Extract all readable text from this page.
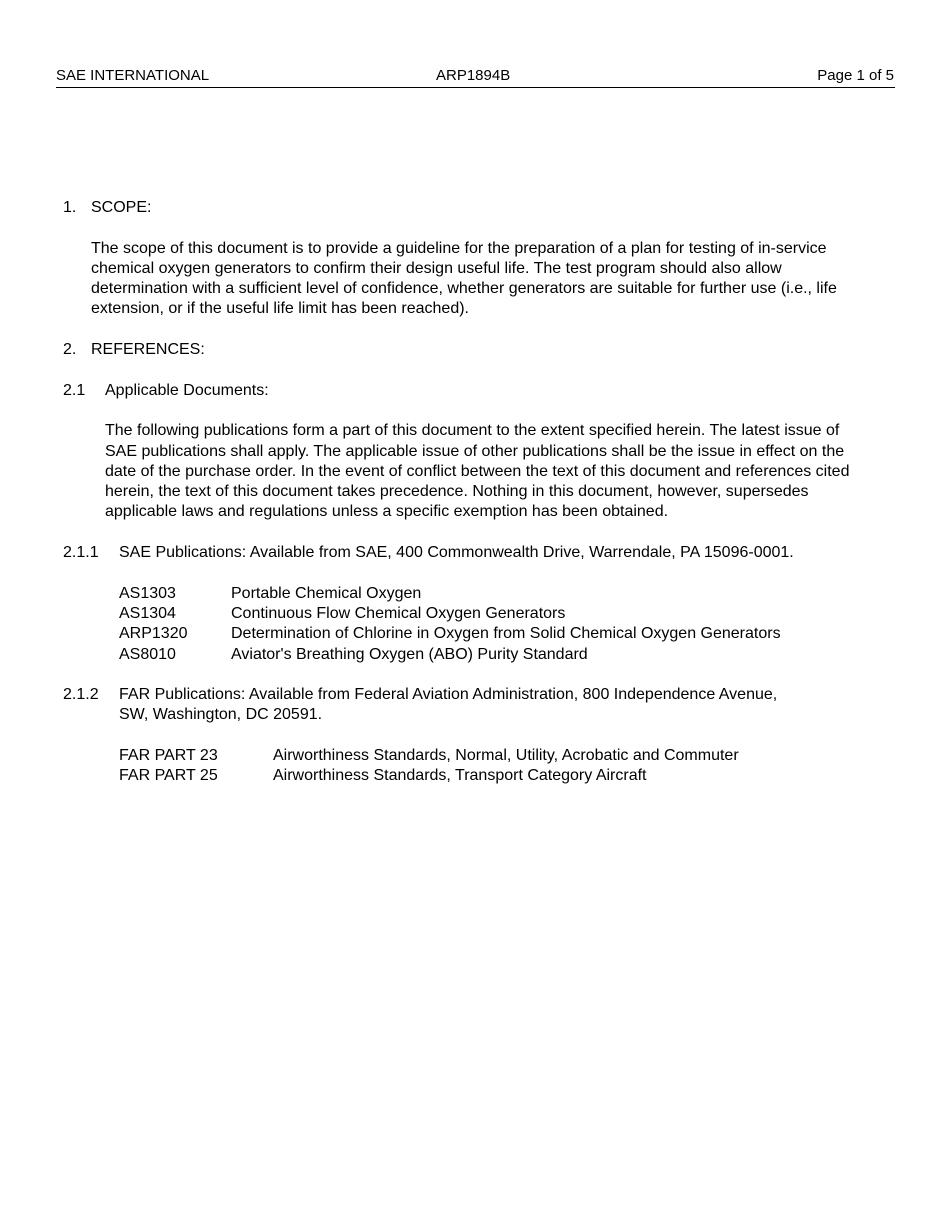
SAE INTERNATIONAL	ARP1894B	Page 1 of 5
1. SCOPE:
The scope of this document is to provide a guideline for the preparation of a plan for testing of in-service chemical oxygen generators to confirm their design useful life. The test program should also allow determination with a sufficient level of confidence, whether generators are suitable for further use (i.e., life extension, or if the useful life limit has been reached).
2. REFERENCES:
2.1	Applicable Documents:
The following publications form a part of this document to the extent specified herein. The latest issue of SAE publications shall apply. The applicable issue of other publications shall be the issue in effect on the date of the purchase order. In the event of conflict between the text of this document and references cited herein, the text of this document takes precedence. Nothing in this document, however, supersedes applicable laws and regulations unless a specific exemption has been obtained.
2.1.1	SAE Publications: Available from SAE, 400 Commonwealth Drive, Warrendale, PA 15096-0001.
AS1303	Portable Chemical Oxygen
AS1304	Continuous Flow Chemical Oxygen Generators
ARP1320	Determination of Chlorine in Oxygen from Solid Chemical Oxygen Generators
AS8010	Aviator's Breathing Oxygen (ABO) Purity Standard
2.1.2	FAR Publications: Available from Federal Aviation Administration, 800 Independence Avenue,
SW, Washington, DC 20591.
FAR PART 23	Airworthiness Standards, Normal, Utility, Acrobatic and Commuter
FAR PART 25	Airworthiness Standards, Transport Category Aircraft
